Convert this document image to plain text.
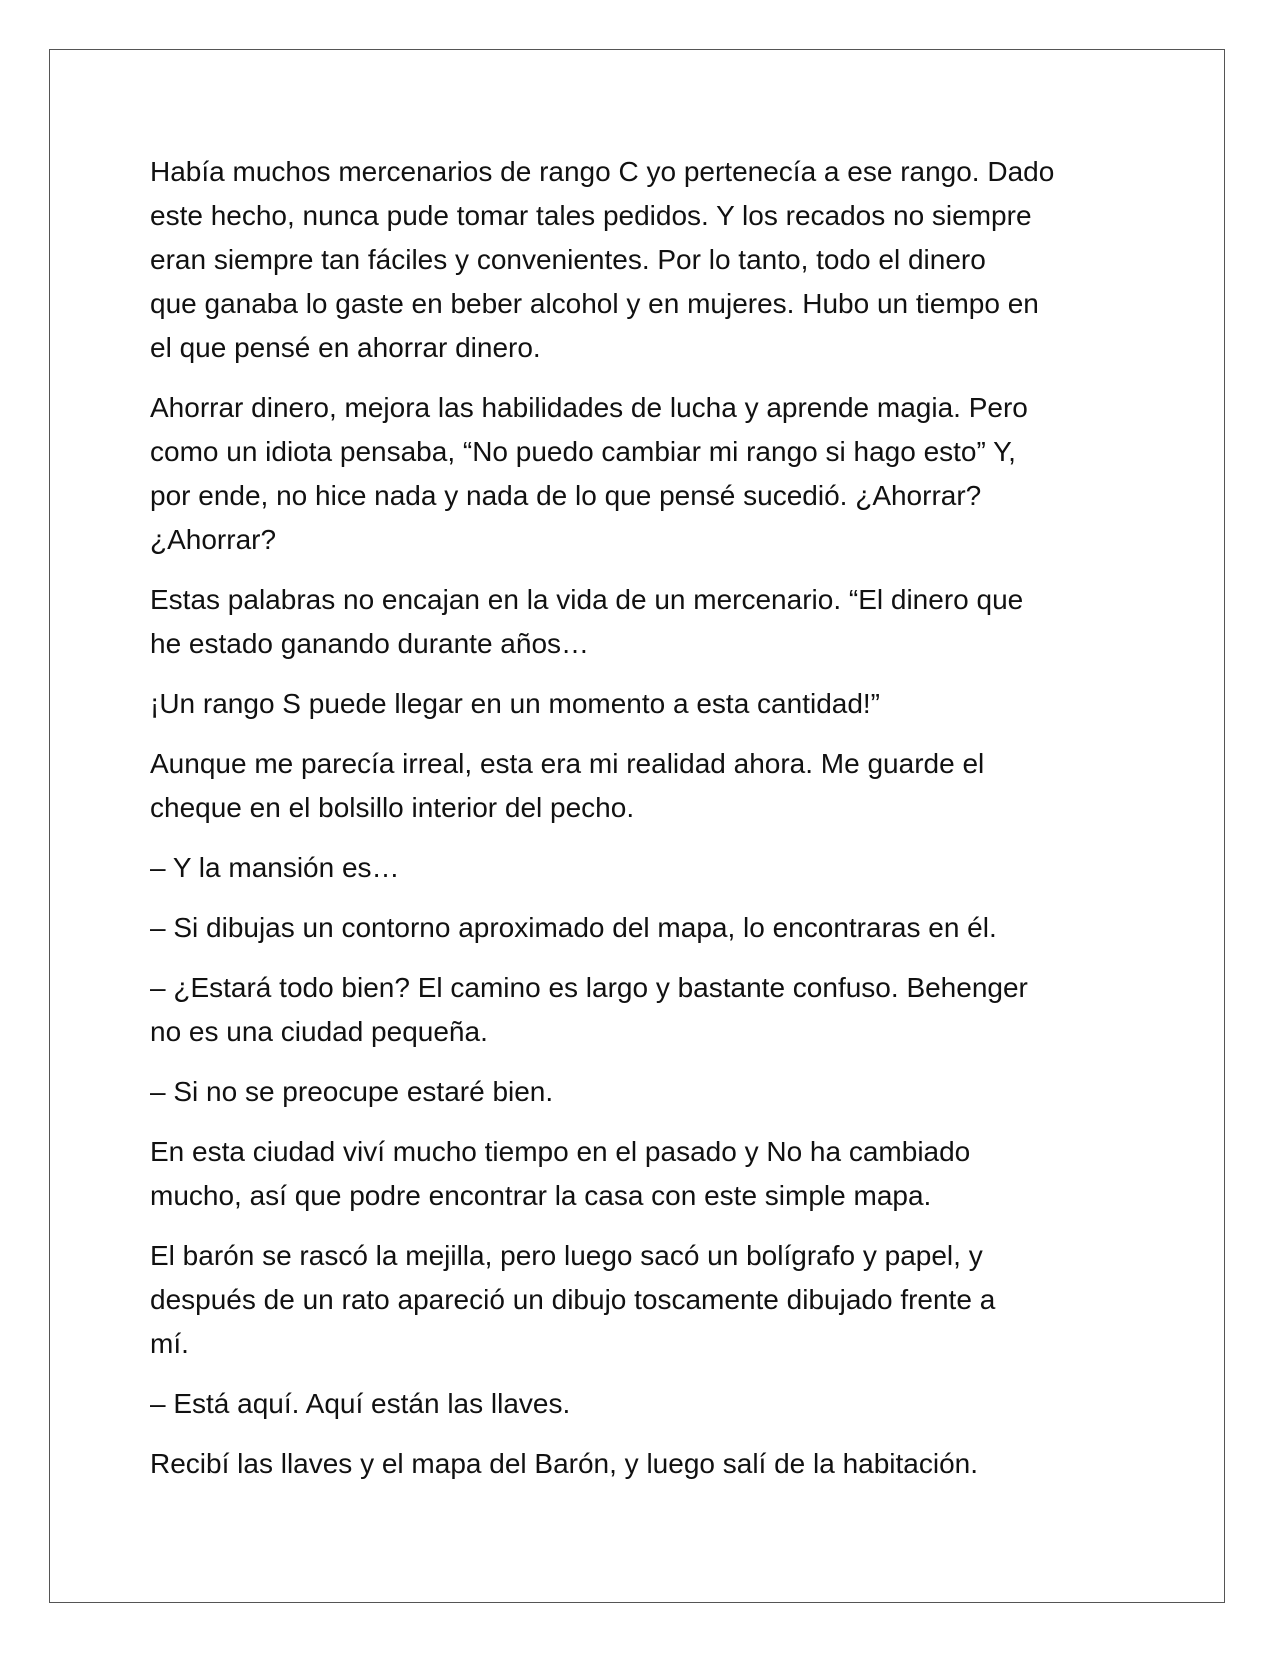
Había muchos mercenarios de rango C yo pertenecía a ese rango. Dado
este hecho, nunca pude tomar tales pedidos. Y los recados no siempre
eran siempre tan fáciles y convenientes. Por lo tanto, todo el dinero
que ganaba lo gaste en beber alcohol y en mujeres. Hubo un tiempo en
el que pensé en ahorrar dinero.

Ahorrar dinero, mejora las habilidades de lucha y aprende magia. Pero
como un idiota pensaba, “No puedo cambiar mi rango si hago esto” Y,
por ende, no hice nada y nada de lo que pensé sucedió. ¿Ahorrar?
¿Ahorrar?

Estas palabras no encajan en la vida de un mercenario. “El dinero que
he estado ganando durante años…

¡Un rango S puede llegar en un momento a esta cantidad!”

Aunque me parecía irreal, esta era mi realidad ahora. Me guarde el
cheque en el bolsillo interior del pecho.

– Y la mansión es…

– Si dibujas un contorno aproximado del mapa, lo encontraras en él.

– ¿Estará todo bien? El camino es largo y bastante confuso. Behenger
no es una ciudad pequeña.

– Si no se preocupe estaré bien.

En esta ciudad viví mucho tiempo en el pasado y No ha cambiado
mucho, así que podre encontrar la casa con este simple mapa.

El barón se rascó la mejilla, pero luego sacó un bolígrafo y papel, y
después de un rato apareció un dibujo toscamente dibujado frente a
mí.

– Está aquí. Aquí están las llaves.

Recibí las llaves y el mapa del Barón, y luego salí de la habitación.
